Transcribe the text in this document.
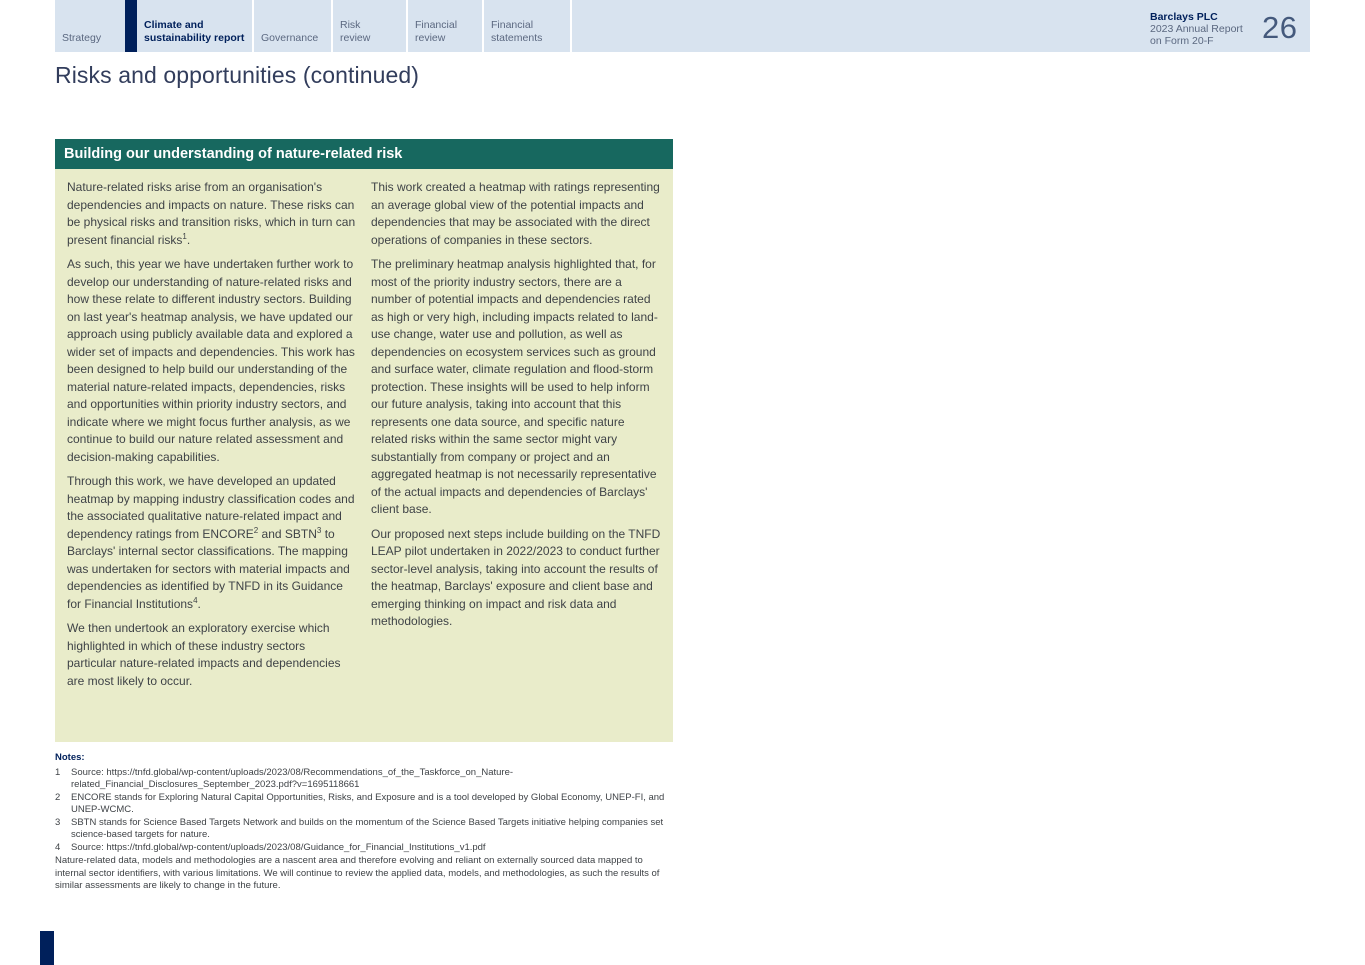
Strategy
Climate and
sustainability report	Governance
Risk
review
Financial
review
Financial
statements
Barclays PLC
2023 Annual Report
on Form 20-F	26
Risks and opportunities (continued)
Building our understanding of nature-related risk

Nature-related risks arise from an organisation's dependencies and impacts on nature. These risks can be physical risks and transition risks, which in turn can present financial risks$^1$.

As such, this year we have undertaken further work to develop our understanding of nature-related risks and how these relate to different industry sectors. Building on last year's heatmap analysis, we have updated our approach using publicly available data and explored a wider set of impacts and dependencies. This work has been designed to help build our understanding of the material nature-related impacts, dependencies, risks and opportunities within priority industry sectors, and indicate where we might focus further analysis, as we continue to build our nature related assessment and decision-making capabilities.

Through this work, we have developed an updated heatmap by mapping industry classification codes and the associated qualitative nature-related impact and dependency ratings from ENCORE$^2$ and SBTN$^3$ to Barclays' internal sector classifications. The mapping was undertaken for sectors with material impacts and dependencies as identified by TNFD in its Guidance for Financial Institutions$^4$.

We then undertook an exploratory exercise which highlighted in which of these industry sectors particular nature-related impacts and dependencies are most likely to occur.

This work created a heatmap with ratings representing an average global view of the potential impacts and dependencies that may be associated with the direct operations of companies in these sectors.

The preliminary heatmap analysis highlighted that, for most of the priority industry sectors, there are a number of potential impacts and dependencies rated as high or very high, including impacts related to land-use change, water use and pollution, as well as dependencies on ecosystem services such as ground and surface water, climate regulation and flood-storm protection. These insights will be used to help inform our future analysis, taking into account that this represents one data source, and specific nature related risks within the same sector might vary substantially from company or project and an aggregated heatmap is not necessarily representative of the actual impacts and dependencies of Barclays' client base.

Our proposed next steps include building on the TNFD LEAP pilot undertaken in 2022/2023 to conduct further sector-level analysis, taking into account the results of the heatmap, Barclays' exposure and client base and emerging thinking on impact and risk data and methodologies.

Notes:
1	Source: https://tnfd.global/wp-content/uploads/2023/08/Recommendations_of_the_Taskforce_on_Nature-related_Financial_Disclosures_September_2023.pdf?v=1695118661
2	ENCORE stands for Exploring Natural Capital Opportunities, Risks, and Exposure and is a tool developed by Global Economy, UNEP-FI, and UNEP-WCMC.
3	SBTN stands for Science Based Targets Network and builds on the momentum of the Science Based Targets initiative helping companies set science-based targets for nature.
4	Source: https://tnfd.global/wp-content/uploads/2023/08/Guidance_for_Financial_Institutions_v1.pdf
Nature-related data, models and methodologies are a nascent area and therefore evolving and reliant on externally sourced data mapped to internal sector identifiers, with various limitations. We will continue to review the applied data, models, and methodologies, as such the results of similar assessments are likely to change in the future.
